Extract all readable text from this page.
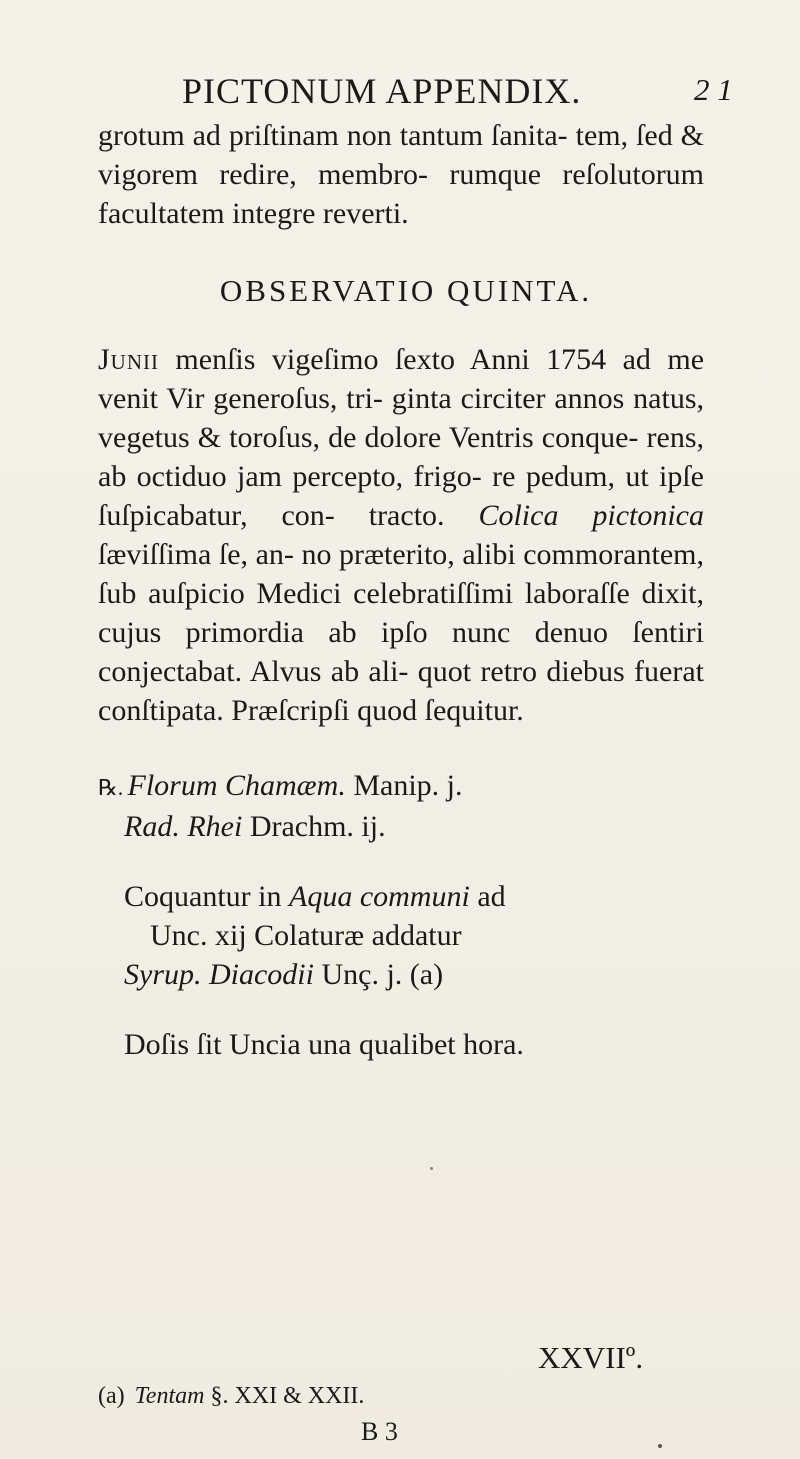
PICTONUM APPENDIX.	2 1

grotum ad priſtinam non tantum ſanita- tem, ſed & vigorem redire, membro- rumque reſolutorum facultatem integre reverti.

OBSERVATIO QUINTA.

Junii menſis vigeſimo ſexto Anni 1754 ad me venit Vir generoſus, tri- ginta circiter annos natus, vegetus & toroſus, de dolore Ventris conque- rens, ab octiduo jam percepto, frigo- re pedum, ut ipſe ſuſpicabatur, con- tracto. Colica pictonica ſæviſſima ſe, an- no præterito, alibi commorantem, ſub auſpicio Medici celebratiſſimi laboraſſe dixit, cujus primordia ab ipſo nunc denuo ſentiri conjectabat. Alvus ab ali- quot retro diebus fuerat conſtipata. Præſcripſi quod ſequitur.

℞. Florum Chamæm. Manip. j.
Rad. Rhei Drachm. ij.
Coquantur in Aqua communi ad
Unc. xij Colaturæ addatur
Syrup. Diacodii Unç. j. (a)
Doſis ſit Uncia una qualibet hora.
XXVIIº.
(a) Tentam §. XXI & XXII.
B 3
